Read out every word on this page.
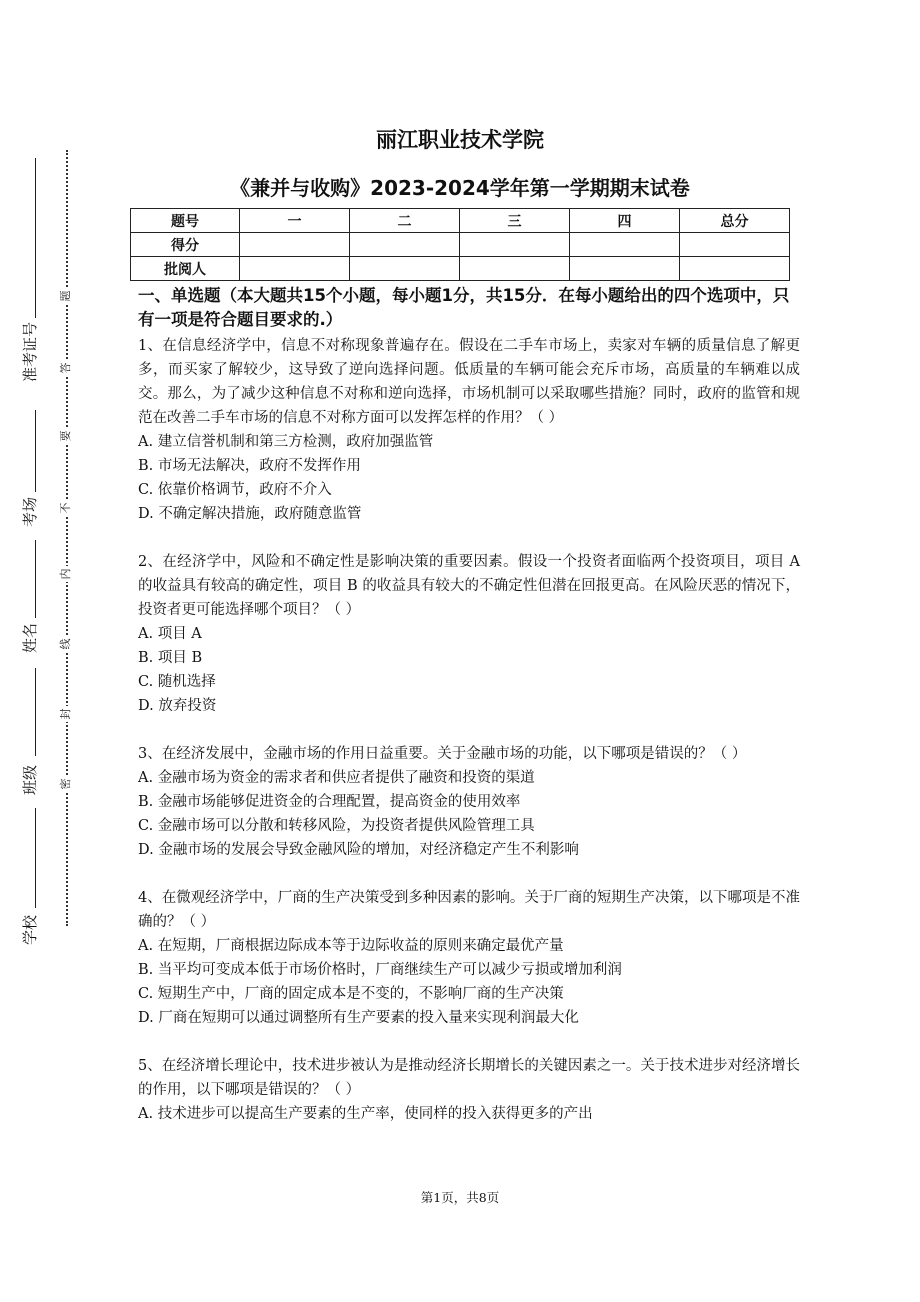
题
答
要
不
内
线
封
密
准考证号
考场
姓名
班级
学校
丽江职业技术学院
《兼并与收购》2023-2024学年第一学期期末试卷
题号	一	二	三	四	总分
得分					
批阅人					

一、单选题（本大题共15个小题，每小题1分，共15分．在每小题给出的四个选项中，只有一项是符合题目要求的.）

1、在信息经济学中，信息不对称现象普遍存在。假设在二手车市场上，卖家对车辆的质量信息了解更多，而买家了解较少，这导致了逆向选择问题。低质量的车辆可能会充斥市场，高质量的车辆难以成交。那么，为了减少这种信息不对称和逆向选择，市场机制可以采取哪些措施？同时，政府的监管和规范在改善二手车市场的信息不对称方面可以发挥怎样的作用？（ ）

A. 建立信誉机制和第三方检测，政府加强监管

B. 市场无法解决，政府不发挥作用

C. 依靠价格调节，政府不介入

D. 不确定解决措施，政府随意监管

2、在经济学中，风险和不确定性是影响决策的重要因素。假设一个投资者面临两个投资项目，项目 A 的收益具有较高的确定性，项目 B 的收益具有较大的不确定性但潜在回报更高。在风险厌恶的情况下，投资者更可能选择哪个项目？（ ）

A. 项目 A

B. 项目 B

C. 随机选择

D. 放弃投资

3、在经济发展中，金融市场的作用日益重要。关于金融市场的功能，以下哪项是错误的？（ ）

A. 金融市场为资金的需求者和供应者提供了融资和投资的渠道

B. 金融市场能够促进资金的合理配置，提高资金的使用效率

C. 金融市场可以分散和转移风险，为投资者提供风险管理工具

D. 金融市场的发展会导致金融风险的增加，对经济稳定产生不利影响

4、在微观经济学中，厂商的生产决策受到多种因素的影响。关于厂商的短期生产决策，以下哪项是不准确的？（ ）

A. 在短期，厂商根据边际成本等于边际收益的原则来确定最优产量

B. 当平均可变成本低于市场价格时，厂商继续生产可以减少亏损或增加利润

C. 短期生产中，厂商的固定成本是不变的，不影响厂商的生产决策

D. 厂商在短期可以通过调整所有生产要素的投入量来实现利润最大化

5、在经济增长理论中，技术进步被认为是推动经济长期增长的关键因素之一。关于技术进步对经济增长的作用，以下哪项是错误的？（ ）

A. 技术进步可以提高生产要素的生产率，使同样的投入获得更多的产出

第1页，共8页
